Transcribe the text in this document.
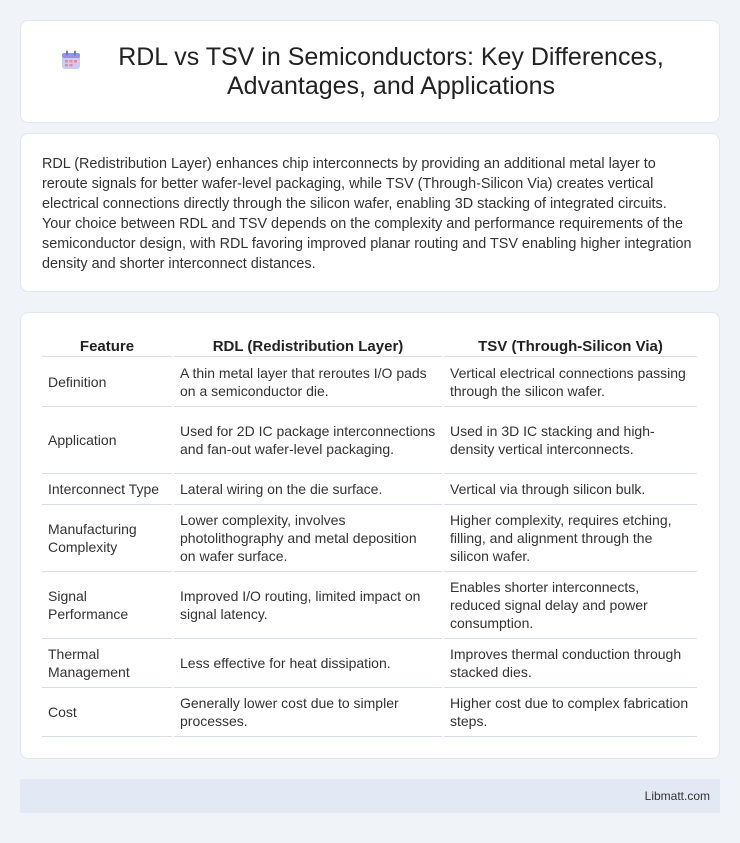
RDL vs TSV in Semiconductors: Key Differences, Advantages, and Applications

RDL (Redistribution Layer) enhances chip interconnects by providing an additional metal layer to reroute signals for better wafer-level packaging, while TSV (Through-Silicon Via) creates vertical electrical connections directly through the silicon wafer, enabling 3D stacking of integrated circuits. Your choice between RDL and TSV depends on the complexity and performance requirements of the semiconductor design, with RDL favoring improved planar routing and TSV enabling higher integration density and shorter interconnect distances.

Feature	RDL (Redistribution Layer)	TSV (Through-Silicon Via)
Definition	A thin metal layer that reroutes I/O pads on a semiconductor die.	Vertical electrical connections passing through the silicon wafer.
Application	Used for 2D IC package interconnections and fan-out wafer-level packaging.	Used in 3D IC stacking and high-density vertical interconnects.
Interconnect Type	Lateral wiring on the die surface.	Vertical via through silicon bulk.
Manufacturing Complexity	Lower complexity, involves photolithography and metal deposition on wafer surface.	Higher complexity, requires etching, filling, and alignment through the silicon wafer.
Signal Performance	Improved I/O routing, limited impact on signal latency.	Enables shorter interconnects, reduced signal delay and power consumption.
Thermal Management	Less effective for heat dissipation.	Improves thermal conduction through stacked dies.
Cost	Generally lower cost due to simpler processes.	Higher cost due to complex fabrication steps.
Libmatt.com
